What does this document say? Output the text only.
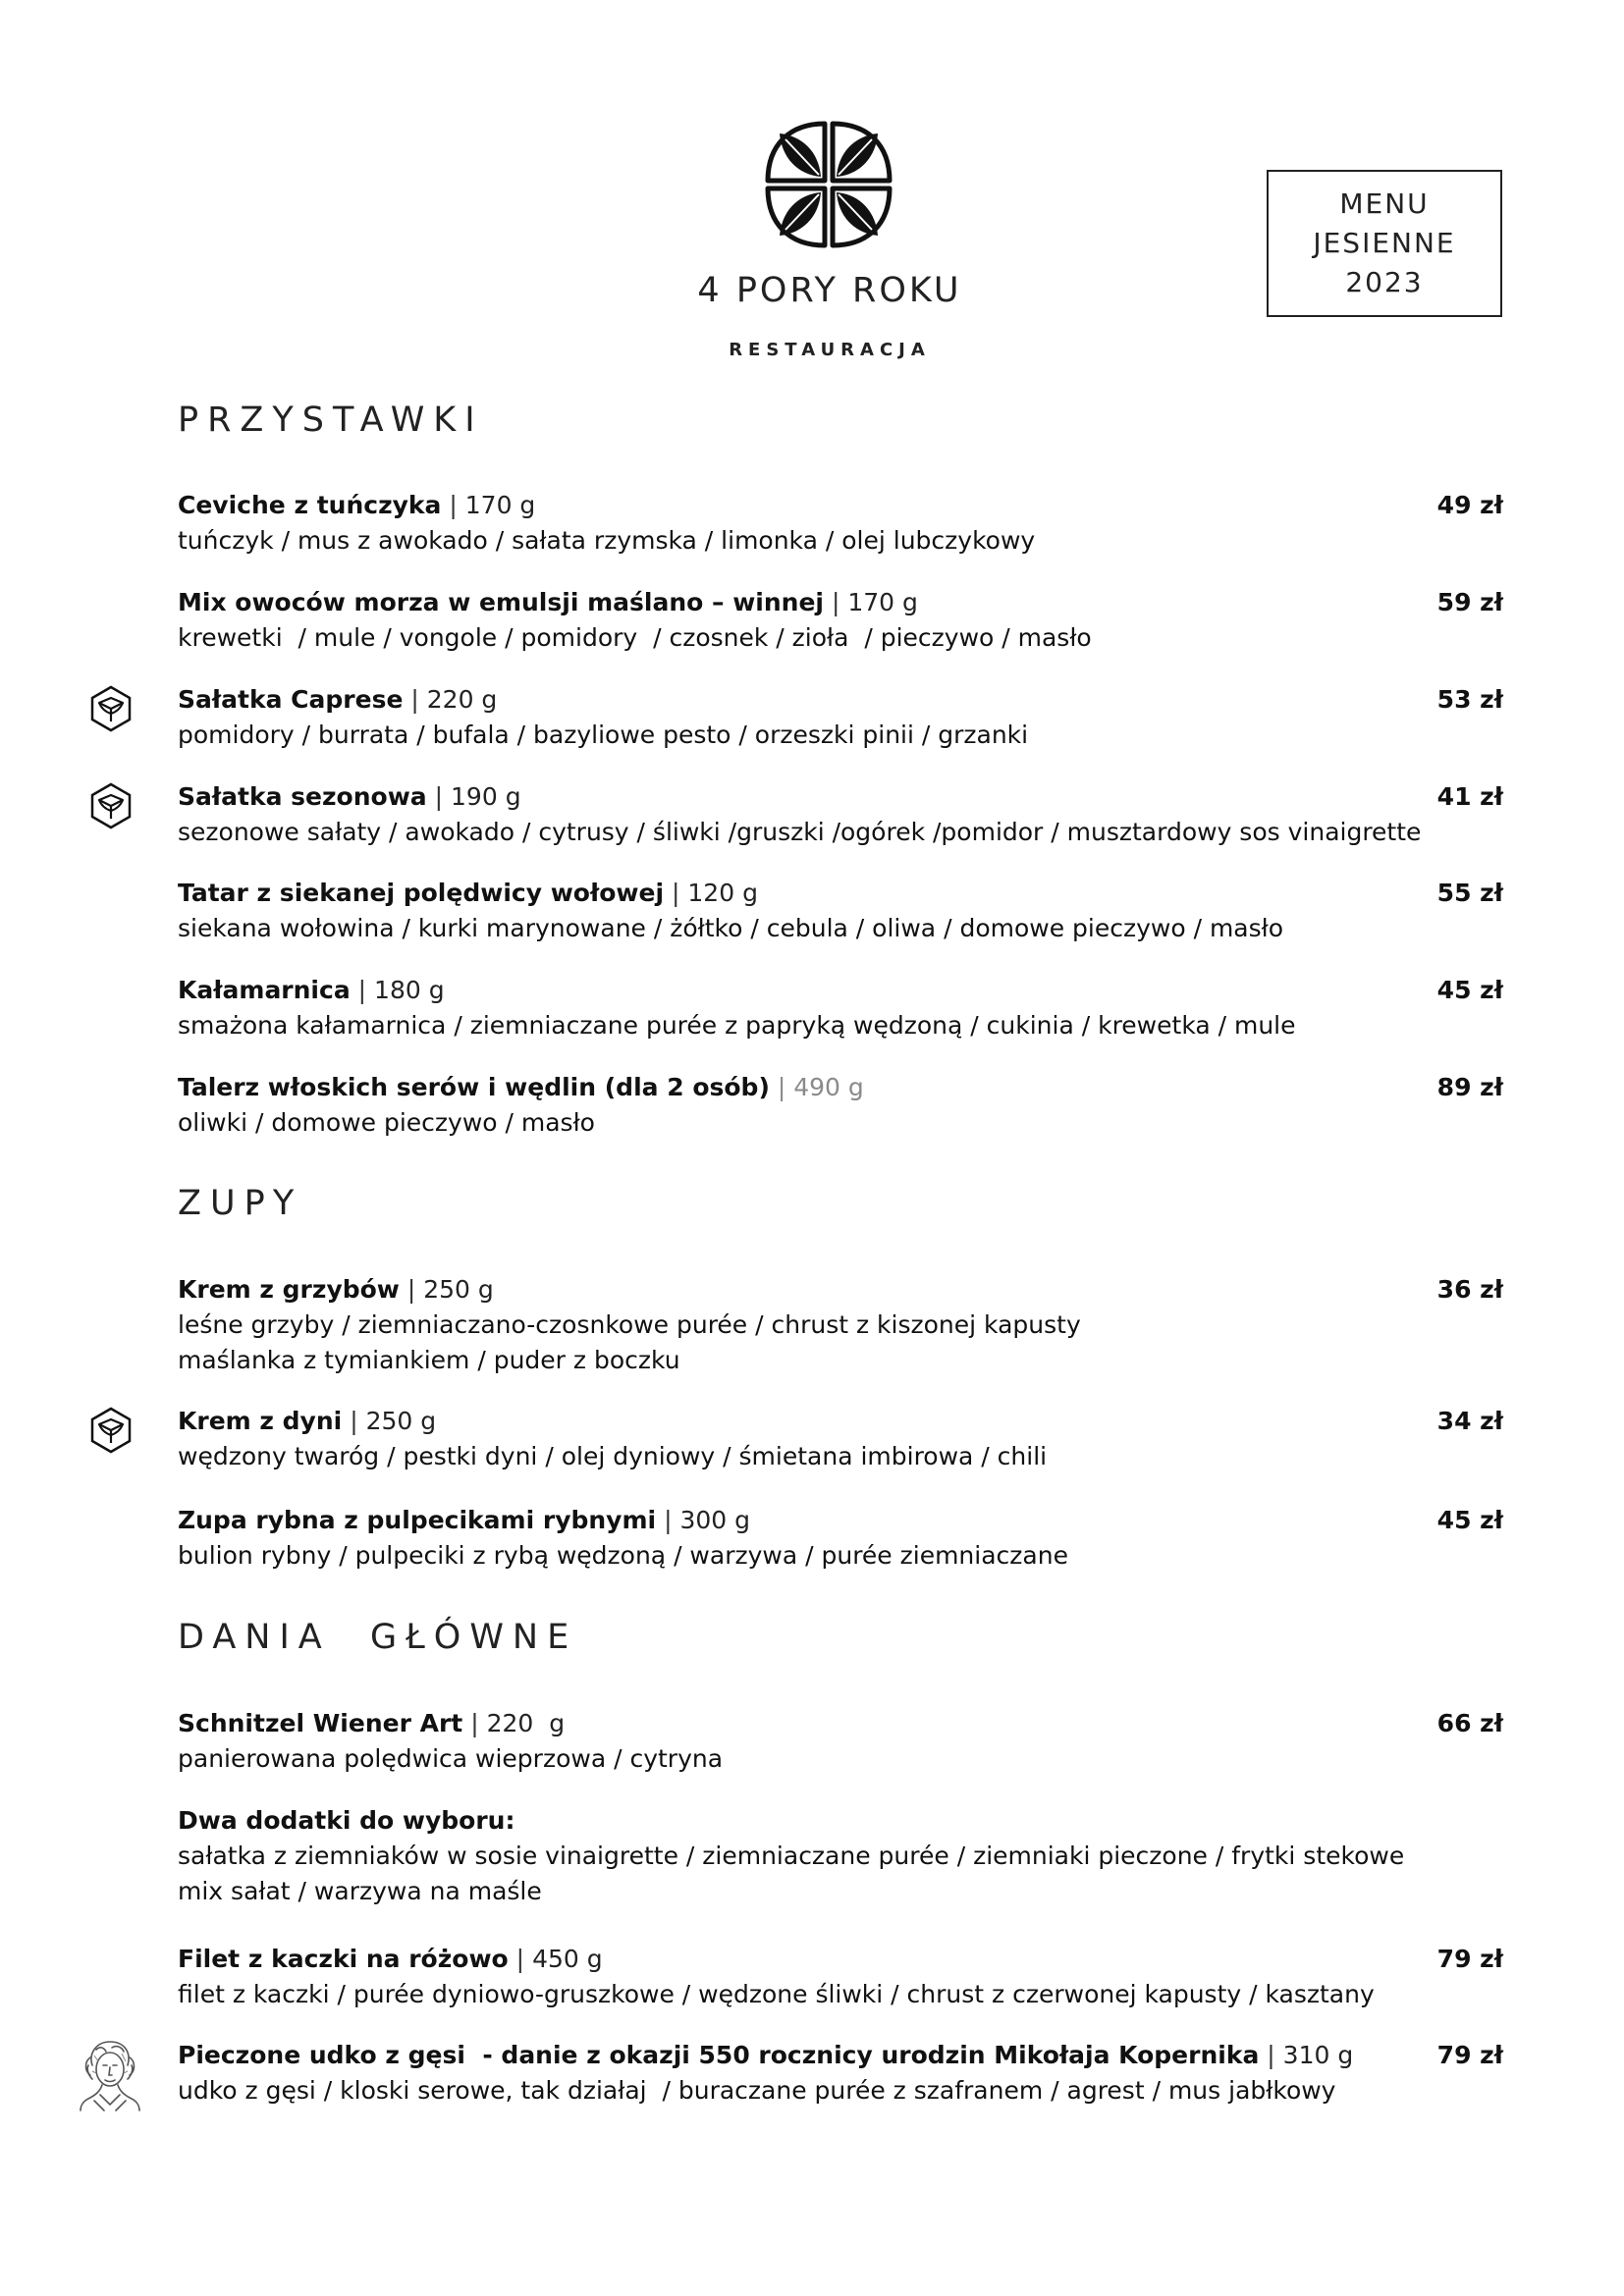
4 PORY ROKU
RESTAURACJA
MENU
JESIENNE
2023
PRZYSTAWKI
ZUPY
DANIA  GŁÓWNE
Ceviche z tuńczyka | 170 g	49 zł
tuńczyk / mus z awokado / sałata rzymska / limonka / olej lubczykowy
Mix owoców morza w emulsji maślano – winnej | 170 g	59 zł
krewetki  / mule / vongole / pomidory  / czosnek / zioła  / pieczywo / masło
Sałatka Caprese | 220 g	53 zł
pomidory / burrata / bufala / bazyliowe pesto / orzeszki pinii / grzanki
Sałatka sezonowa | 190 g	41 zł
sezonowe sałaty / awokado / cytrusy / śliwki /gruszki /ogórek /pomidor / musztardowy sos vinaigrette
Tatar z siekanej polędwicy wołowej | 120 g	55 zł
siekana wołowina / kurki marynowane / żółtko / cebula / oliwa / domowe pieczywo / masło
Kałamarnica | 180 g	45 zł
smażona kałamarnica / ziemniaczane purée z papryką wędzoną / cukinia / krewetka / mule
Talerz włoskich serów i wędlin (dla 2 osób) | 490 g	89 zł
oliwki / domowe pieczywo / masło
Krem z grzybów | 250 g	36 zł
leśne grzyby / ziemniaczano-czosnkowe purée / chrust z kiszonej kapusty
maślanka z tymiankiem / puder z boczku
Krem z dyni | 250 g	34 zł
wędzony twaróg / pestki dyni / olej dyniowy / śmietana imbirowa / chili
Zupa rybna z pulpecikami rybnymi | 300 g	45 zł
bulion rybny / pulpeciki z rybą wędzoną / warzywa / purée ziemniaczane
Schnitzel Wiener Art | 220  g	66 zł
panierowana polędwica wieprzowa / cytryna
Dwa dodatki do wyboru:
sałatka z ziemniaków w sosie vinaigrette / ziemniaczane purée / ziemniaki pieczone / frytki stekowe
mix sałat / warzywa na maśle
Filet z kaczki na różowo | 450 g	79 zł
filet z kaczki / purée dyniowo-gruszkowe / wędzone śliwki / chrust z czerwonej kapusty / kasztany
Pieczone udko z gęsi  - danie z okazji 550 rocznicy urodzin Mikołaja Kopernika | 310 g	79 zł
udko z gęsi / kloski serowe, tak działaj  / buraczane purée z szafranem / agrest / mus jabłkowy
